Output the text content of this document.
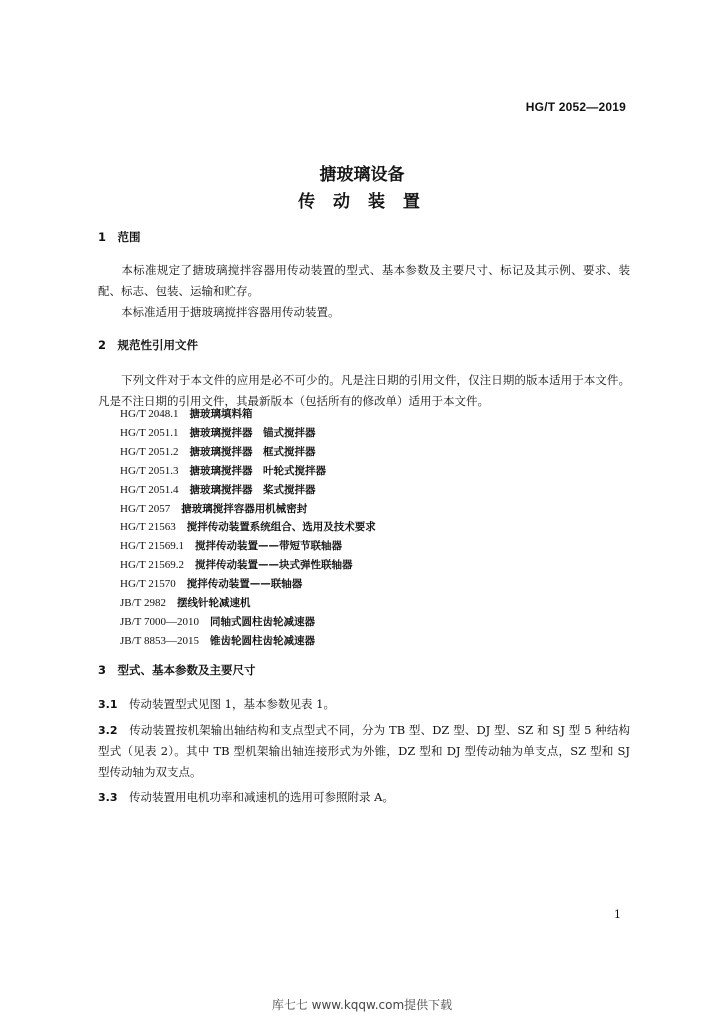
HG/T 2052—2019
搪玻璃设备
传 动 装 置
1　范围
本标准规定了搪玻璃搅拌容器用传动装置的型式、基本参数及主要尺寸、标记及其示例、要求、装配、标志、包装、运输和贮存。
本标准适用于搪玻璃搅拌容器用传动装置。
2　规范性引用文件
下列文件对于本文件的应用是必不可少的。凡是注日期的引用文件，仅注日期的版本适用于本文件。凡是不注日期的引用文件，其最新版本（包括所有的修改单）适用于本文件。
HG/T 2048.1　 搪玻璃填料箱
HG/T 2051.1　 搪玻璃搅拌器　锚式搅拌器
HG/T 2051.2　 搪玻璃搅拌器　框式搅拌器
HG/T 2051.3　 搪玻璃搅拌器　叶轮式搅拌器
HG/T 2051.4　 搪玻璃搅拌器　桨式搅拌器
HG/T 2057　 搪玻璃搅拌容器用机械密封
HG/T 21563　 搅拌传动装置系统组合、选用及技术要求
HG/T 21569.1　 搅拌传动装置——带短节联轴器
HG/T 21569.2　 搅拌传动装置——块式弹性联轴器
HG/T 21570　 搅拌传动装置——联轴器
JB/T 2982　 摆线针轮减速机
JB/T 7000—2010　 同轴式圆柱齿轮减速器
JB/T 8853—2015　 锥齿轮圆柱齿轮减速器
3　型式、基本参数及主要尺寸
3.1　 传动装置型式见图 1，基本参数见表 1。
3.2　 传动装置按机架输出轴结构和支点型式不同，分为 TB 型、DZ 型、DJ 型、SZ 和 SJ 型 5 种结构型式（见表 2）。其中 TB 型机架输出轴连接形式为外锥，DZ 型和 DJ 型传动轴为单支点，SZ 型和 SJ 型传动轴为双支点。
3.3　 传动装置用电机功率和减速机的选用可参照附录 A。
1
库七七 www.kqqw.com提供下载
